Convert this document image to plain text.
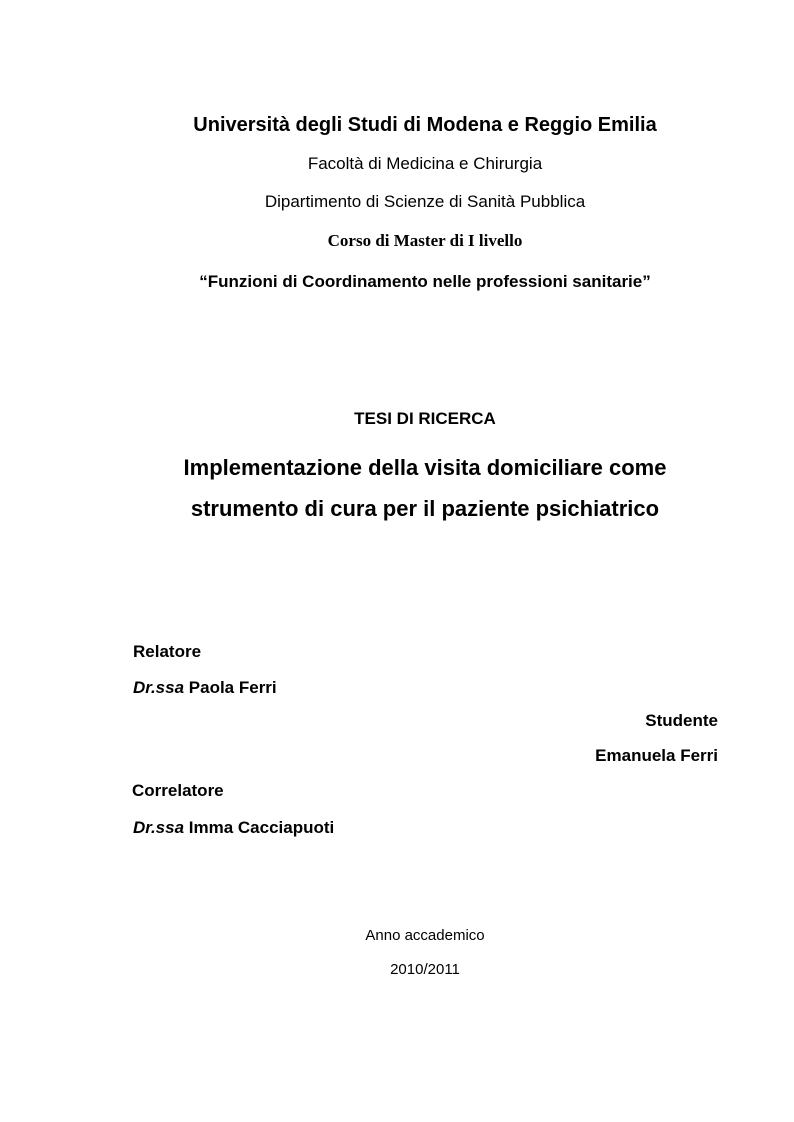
Università degli Studi di Modena e Reggio Emilia
Facoltà di Medicina e Chirurgia
Dipartimento di Scienze di Sanità Pubblica
Corso di Master di I livello
“Funzioni di Coordinamento nelle professioni sanitarie”
TESI DI RICERCA
Implementazione della visita domiciliare come
strumento di cura per il paziente psichiatrico
Relatore
Dr.ssa Paola Ferri
Studente
Emanuela Ferri
Correlatore
Dr.ssa Imma Cacciapuoti
Anno accademico
2010/2011
